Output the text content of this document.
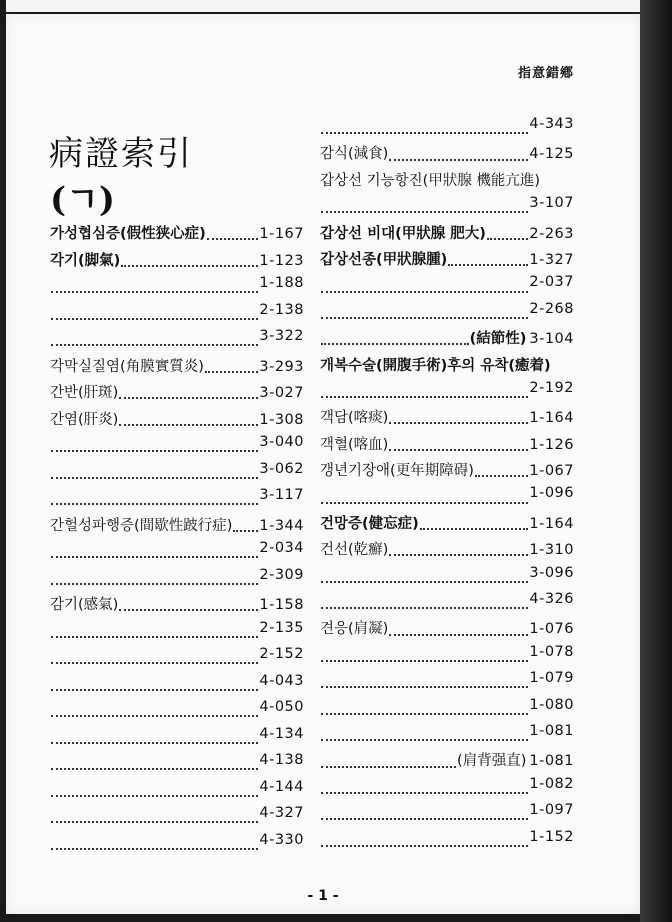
指意錯鄕
病證索引
(ㄱ)
가성협심증(假性狭心症)	1-167
각기(脚氣)	1-123
1-188
2-138
3-322
각막실질염(角膜實質炎)	3-293
간반(肝斑)	3-027
간염(肝炎)	1-308
3-040
3-062
3-117
간헐성파행증(間歇性跛行症) 1-344
2-034
2-309
감기(感氣)	1-158
2-135
2-152
4-043
4-050
4-134
4-138
4-144
4-327
4-330
4-343
감식(減食)	4-125
갑상선 기능항진(甲狀腺 機能亢進)
3-107
갑상선 비대(甲狀腺 肥大)	2-263
갑상선종(甲狀腺腫)	1-327
2-037
2-268
(結節性) 3-104
개복수술(開腹手術)후의 유착(癒着)
2-192
객담(喀痰)	1-164
객혈(喀血)	1-126
갱년기장애(更年期障碍)	1-067
1-096
건망증(健忘症)	1-164
건선(乾癬)	1-310
3-096
4-326
견응(肩凝)	1-076
1-078
1-079
1-080
1-081
(肩背强直) 1-081
1-082
1-097
1-152
- 1 -
